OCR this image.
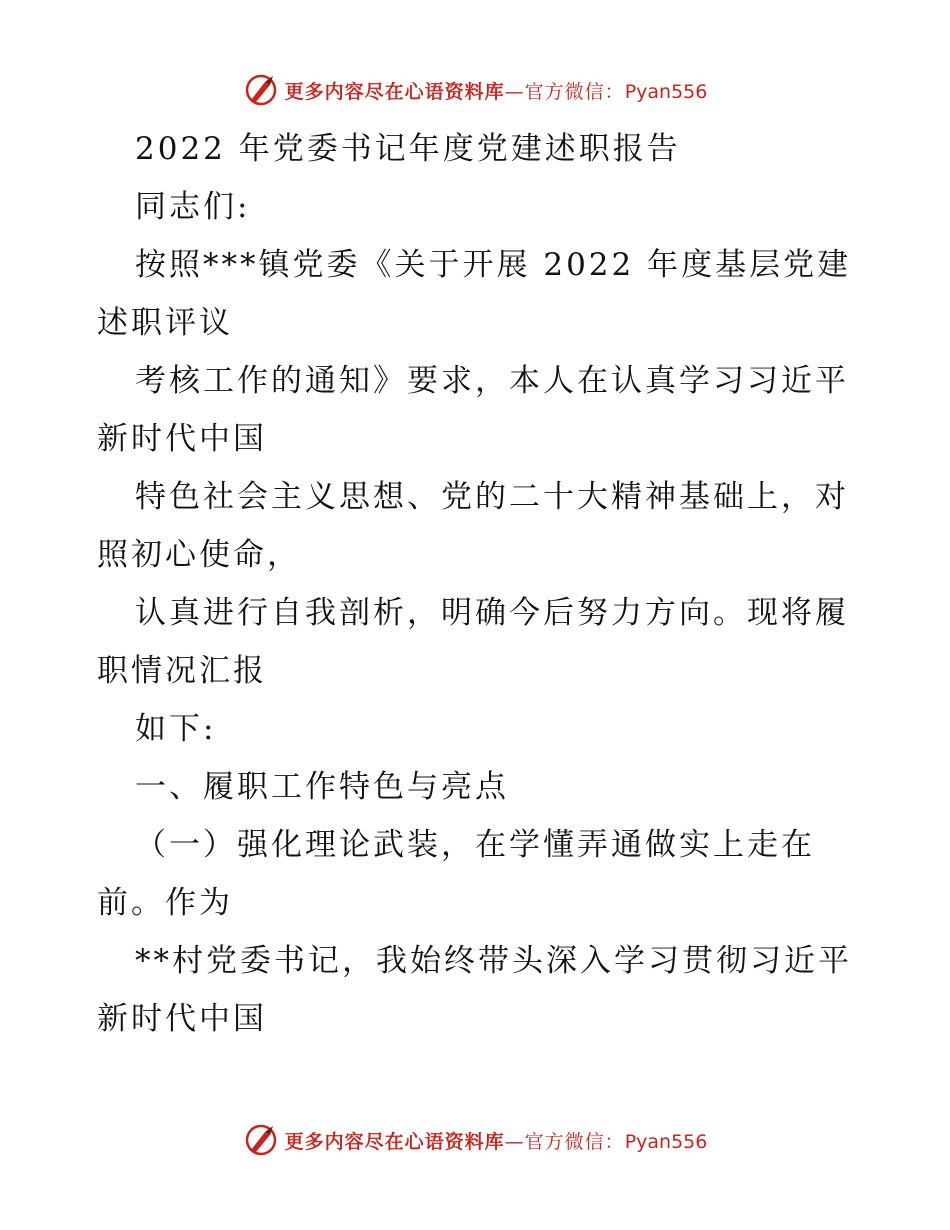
更多内容尽在心语资料库—官方微信：Pyan556
2022 年党委书记年度党建述职报告
同志们:
按照***镇党委《关于开展 2022 年度基层党建
述职评议
考核工作的通知》要求，本人在认真学习习近平
新时代中国
特色社会主义思想、党的二十大精神基础上，对
照初心使命，
认真进行自我剖析，明确今后努力方向。现将履
职情况汇报
如下:
一、履职工作特色与亮点
（一）强化理论武装，在学懂弄通做实上走在
前。作为
**村党委书记，我始终带头深入学习贯彻习近平
新时代中国
更多内容尽在心语资料库—官方微信：Pyan556
